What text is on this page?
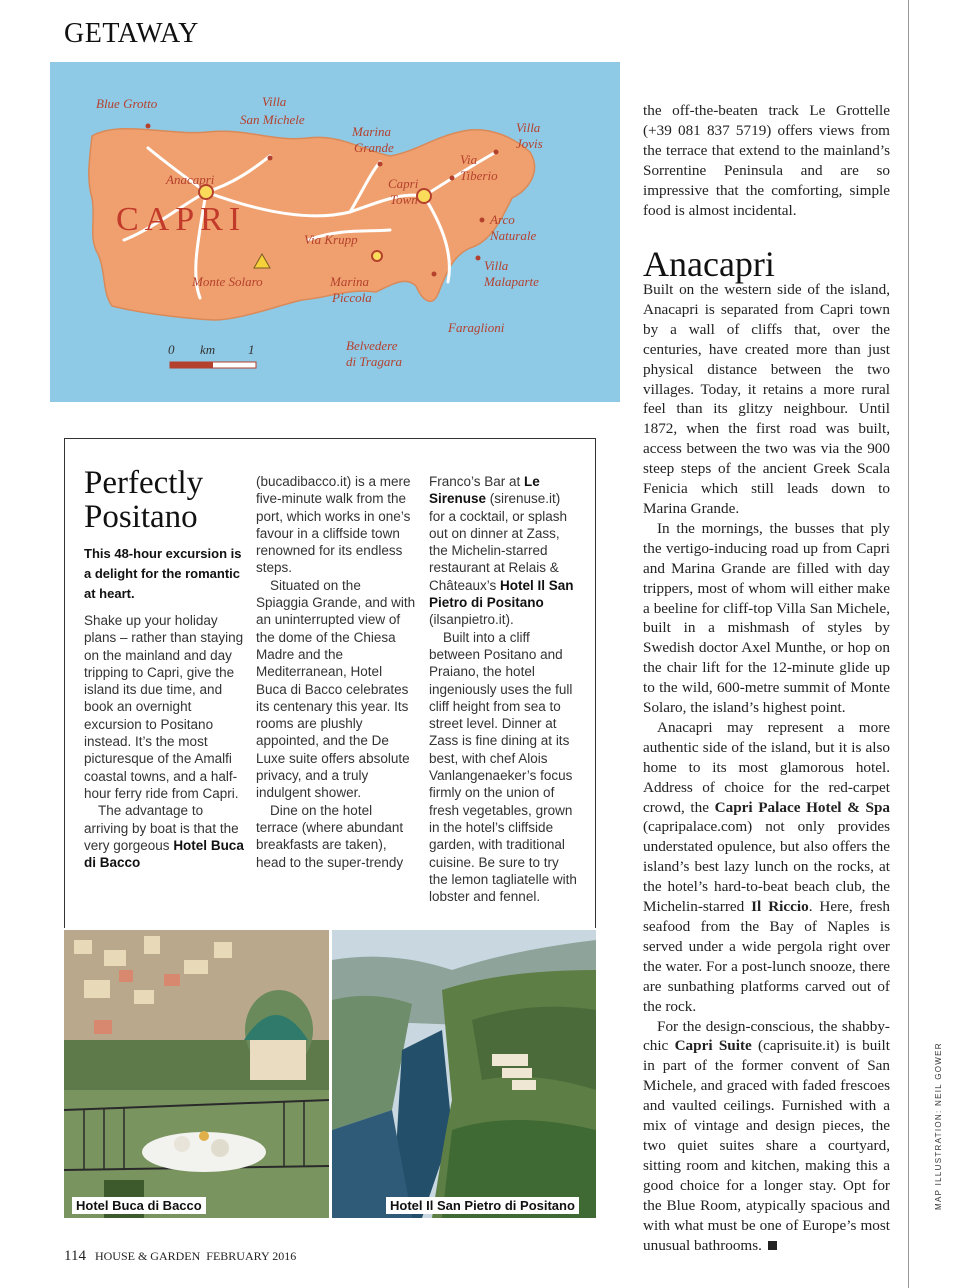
GETAWAY
Blue Grotto	Villa
San Michele
Marina
Grande
Villa
Jovis
Via
Tiberio
Anacapri	Capri
Town
Arco
Naturale
Via Krupp
Villa
Malaparte
Monte Solaro	Marina
Piccola
Faraglioni
Belvedere
di Tragara
CAPRI
0 km	1

the off-the-beaten track Le Grottelle (+39 081 837 5719) offers views from the terrace that extend to the mainland’s Sorrentine Peninsula and are so impressive that the comforting, simple food is almost incidental.

Anacapri

Built on the western side of the island, Anacapri is separated from Capri town by a wall of cliffs that, over the centuries, have created more than just physical distance between the two villages. Today, it retains a more rural feel than its glitzy neighbour. Until 1872, when the first road was built, access between the two was via the 900 steep steps of the ancient Greek Scala Fenicia which still leads down to Marina Grande.

In the mornings, the busses that ply the vertigo-inducing road up from Capri and Marina Grande are filled with day trippers, most of whom will either make a beeline for cliff-top Villa San Michele, built in a mishmash of styles by Swedish doctor Axel Munthe, or hop on the chair lift for the 12-minute glide up to the wild, 600-metre summit of Monte Solaro, the island’s highest point.

Anacapri may represent a more authentic side of the island, but it is also home to its most glamorous hotel. Address of choice for the red-carpet crowd, the Capri Palace Hotel & Spa (capripalace.com) not only provides understated opulence, but also offers the island’s best lazy lunch on the rocks, at the hotel’s hard-to-beat beach club, the Michelin-starred Il Riccio. Here, fresh seafood from the Bay of Naples is served under a wide pergola right over the water. For a post-lunch snooze, there are sunbathing platforms carved out of the rock.

For the design-conscious, the shabby-chic Capri Suite (caprisuite.it) is built in part of the former convent of San Michele, and graced with faded frescoes and vaulted ceilings. Furnished with a mix of vintage and design pieces, the two quiet suites share a courtyard, sitting room and kitchen, making this a good choice for a longer stay. Opt for the Blue Room, atypically spacious and with what must be one of Europe’s most unusual bathrooms.

Perfectly
Positano
This 48-hour excursion is a delight for the romantic at heart.

Shake up your holiday plans – rather than staying on the mainland and day tripping to Capri, give the island its due time, and book an overnight excursion to Positano instead. It’s the most picturesque of the Amalfi coastal towns, and a half-hour ferry ride from Capri.

The advantage to arriving by boat is that the very gorgeous Hotel Buca di Bacco

(bucadibacco.it) is a mere five-minute walk from the port, which works in one’s favour in a cliffside town renowned for its endless steps.

Situated on the Spiaggia Grande, and with an uninterrupted view of the dome of the Chiesa Madre and the Mediterranean, Hotel Buca di Bacco celebrates its centenary this year. Its rooms are plushly appointed, and the De Luxe suite offers absolute privacy, and a truly indulgent shower.

Dine on the hotel terrace (where abundant breakfasts are taken), head to the super-trendy

Franco’s Bar at Le Sirenuse (sirenuse.it) for a cocktail, or splash out on dinner at Zass, the Michelin-starred restaurant at Relais & Châteaux’s Hotel Il San Pietro di Positano (ilsanpietro.it).

Built into a cliff between Positano and Praiano, the hotel ingeniously uses the full cliff height from sea to street level. Dinner at Zass is fine dining at its best, with chef Alois Vanlangenaeker’s focus firmly on the union of fresh vegetables, grown in the hotel’s cliffside garden, with traditional cuisine. Be sure to try the lemon tagliatelle with lobster and fennel.

Hotel Buca di Bacco	Hotel Il San Pietro di Positano
114 HOUSE & GARDEN FEBRUARY 2016
MAP ILLUSTRATION: NEIL GOWER
